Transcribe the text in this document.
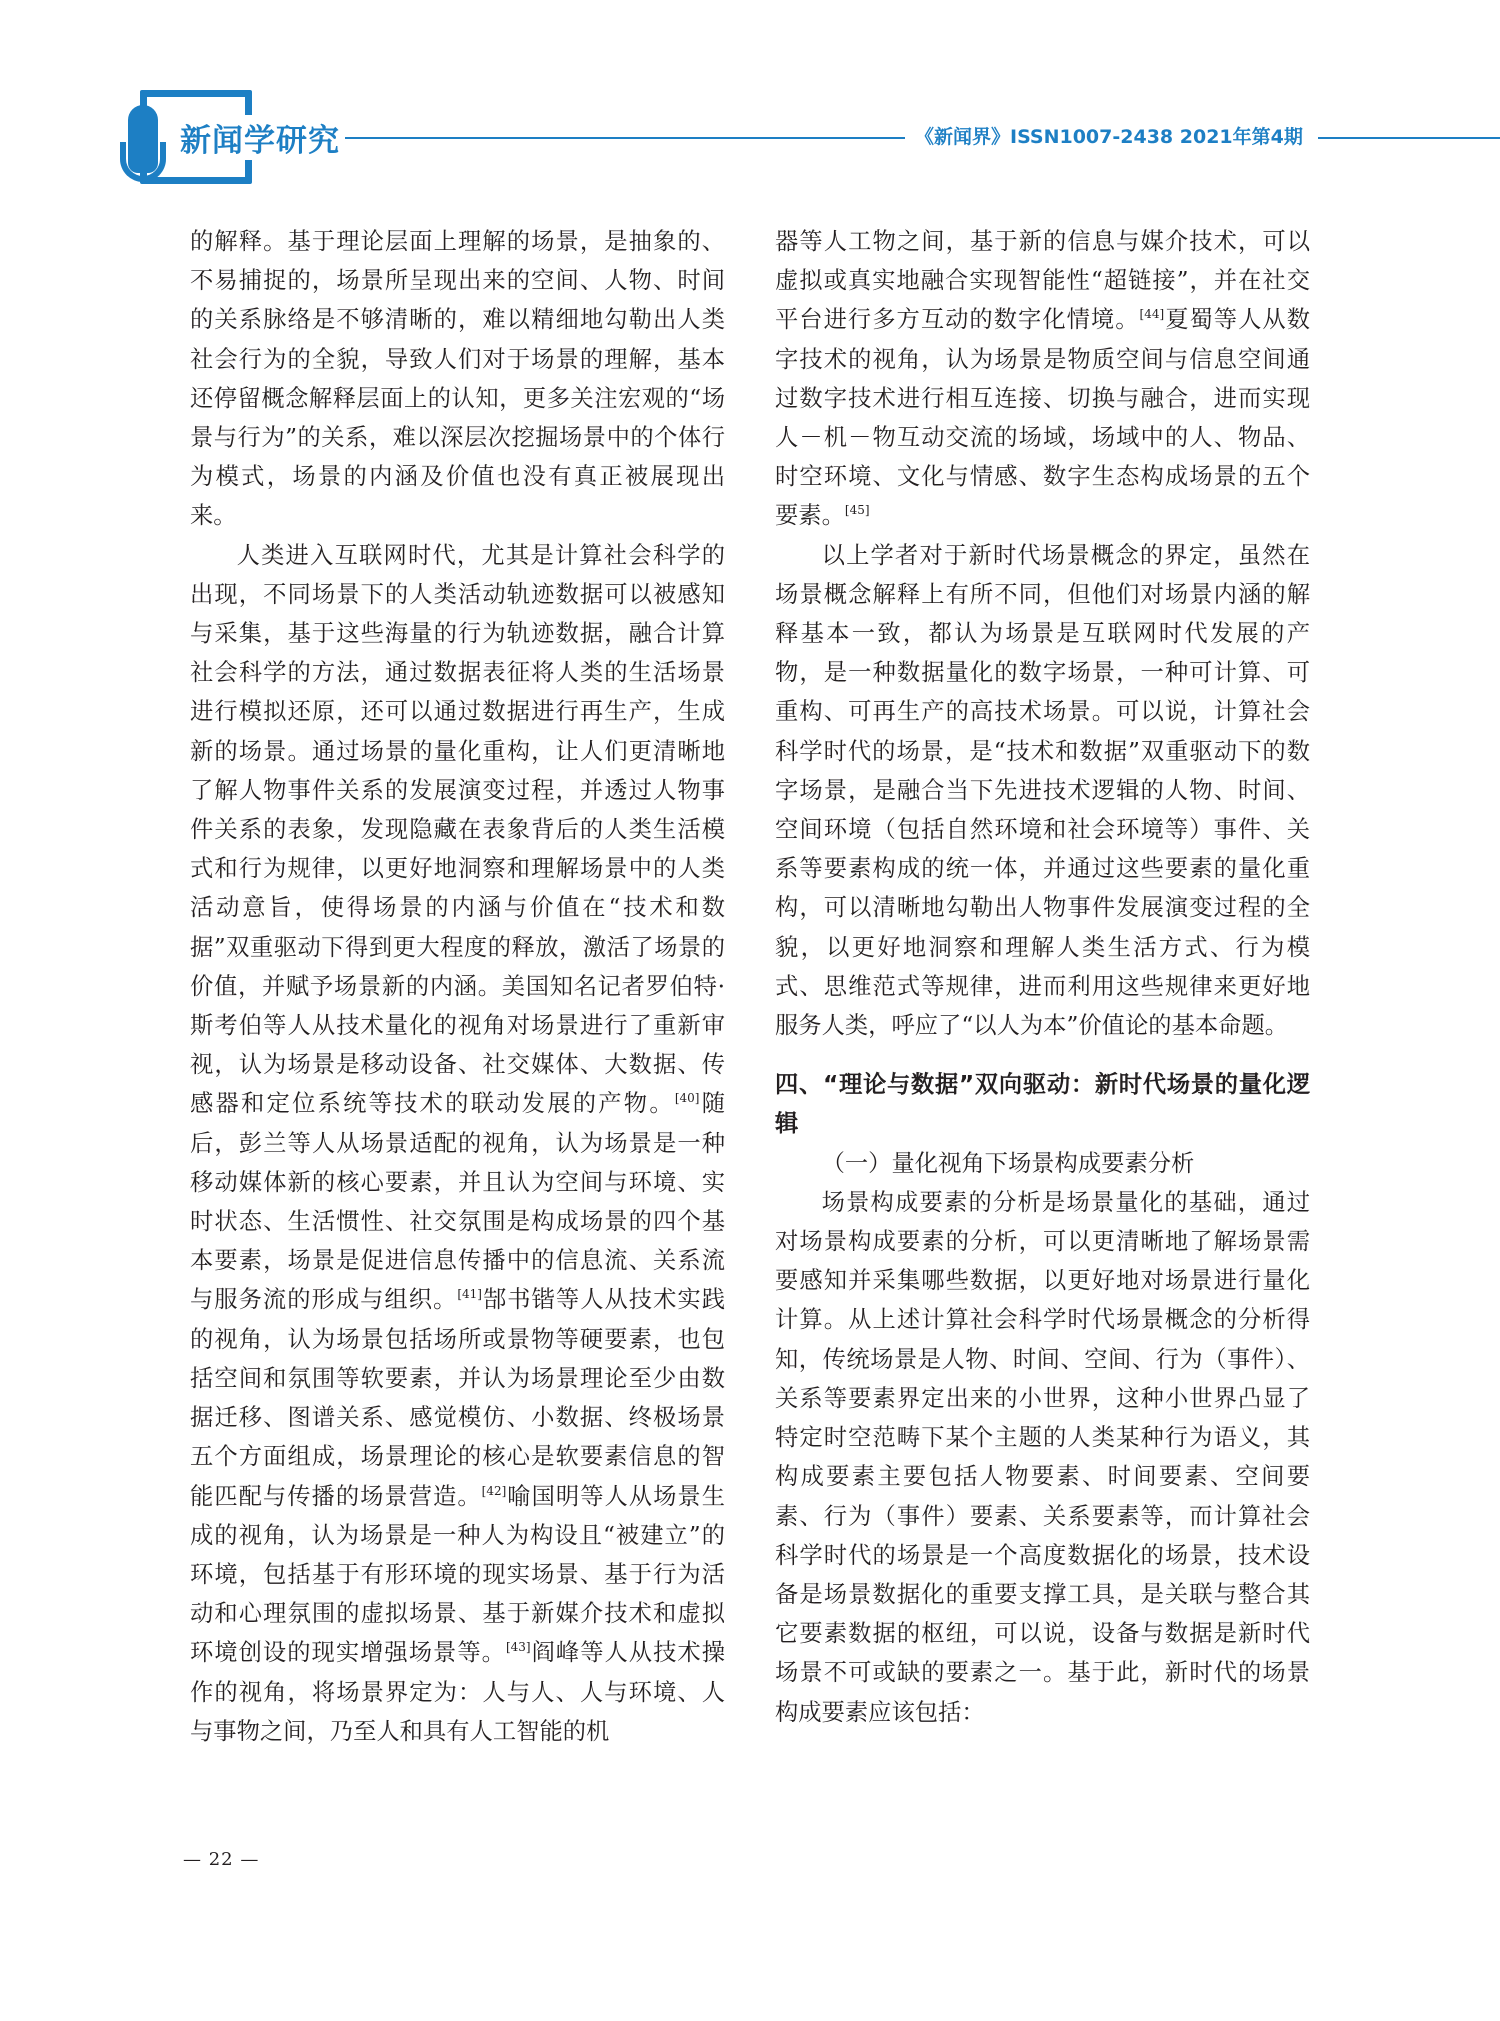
新闻学研究	《新闻界》ISSN1007-2438 2021年第4期

的解释。基于理论层面上理解的场景，是抽象的、不易捕捉的，场景所呈现出来的空间、人物、时间的关系脉络是不够清晰的，难以精细地勾勒出人类社会行为的全貌，导致人们对于场景的理解，基本还停留概念解释层面上的认知，更多关注宏观的“场景与行为”的关系，难以深层次挖掘场景中的个体行为模式，场景的内涵及价值也没有真正被展现出来。

人类进入互联网时代，尤其是计算社会科学的出现，不同场景下的人类活动轨迹数据可以被感知与采集，基于这些海量的行为轨迹数据，融合计算社会科学的方法，通过数据表征将人类的生活场景进行模拟还原，还可以通过数据进行再生产，生成新的场景。通过场景的量化重构，让人们更清晰地了解人物事件关系的发展演变过程，并透过人物事件关系的表象，发现隐藏在表象背后的人类生活模式和行为规律，以更好地洞察和理解场景中的人类活动意旨，使得场景的内涵与价值在“技术和数据”双重驱动下得到更大程度的释放，激活了场景的价值，并赋予场景新的内涵。美国知名记者罗伯特·斯考伯等人从技术量化的视角对场景进行了重新审视，认为场景是移动设备、社交媒体、大数据、传感器和定位系统等技术的联动发展的产物。[40]随后，彭兰等人从场景适配的视角，认为场景是一种移动媒体新的核心要素，并且认为空间与环境、实时状态、生活惯性、社交氛围是构成场景的四个基本要素，场景是促进信息传播中的信息流、关系流与服务流的形成与组织。[41]郜书锴等人从技术实践的视角，认为场景包括场所或景物等硬要素，也包括空间和氛围等软要素，并认为场景理论至少由数据迁移、图谱关系、感觉模仿、小数据、终极场景五个方面组成，场景理论的核心是软要素信息的智能匹配与传播的场景营造。[42]喻国明等人从场景生成的视角，认为场景是一种人为构设且“被建立”的环境，包括基于有形环境的现实场景、基于行为活动和心理氛围的虚拟场景、基于新媒介技术和虚拟环境创设的现实增强场景等。[43]阎峰等人从技术操作的视角，将场景界定为：人与人、人与环境、人与事物之间，乃至人和具有人工智能的机

器等人工物之间，基于新的信息与媒介技术，可以虚拟或真实地融合实现智能性“超链接”，并在社交平台进行多方互动的数字化情境。[44]夏蜀等人从数字技术的视角，认为场景是物质空间与信息空间通过数字技术进行相互连接、切换与融合，进而实现人－机－物互动交流的场域，场域中的人、物品、时空环境、文化与情感、数字生态构成场景的五个要素。[45]

以上学者对于新时代场景概念的界定，虽然在场景概念解释上有所不同，但他们对场景内涵的解释基本一致，都认为场景是互联网时代发展的产物，是一种数据量化的数字场景，一种可计算、可重构、可再生产的高技术场景。可以说，计算社会科学时代的场景，是“技术和数据”双重驱动下的数字场景，是融合当下先进技术逻辑的人物、时间、空间环境（包括自然环境和社会环境等）事件、关系等要素构成的统一体，并通过这些要素的量化重构，可以清晰地勾勒出人物事件发展演变过程的全貌，以更好地洞察和理解人类生活方式、行为模式、思维范式等规律，进而利用这些规律来更好地服务人类，呼应了“以人为本”价值论的基本命题。

四、“理论与数据”双向驱动：新时代场景的量化逻辑

（一）量化视角下场景构成要素分析

场景构成要素的分析是场景量化的基础，通过对场景构成要素的分析，可以更清晰地了解场景需要感知并采集哪些数据，以更好地对场景进行量化计算。从上述计算社会科学时代场景概念的分析得知，传统场景是人物、时间、空间、行为（事件）、关系等要素界定出来的小世界，这种小世界凸显了特定时空范畴下某个主题的人类某种行为语义，其构成要素主要包括人物要素、时间要素、空间要素、行为（事件）要素、关系要素等，而计算社会科学时代的场景是一个高度数据化的场景，技术设备是场景数据化的重要支撑工具，是关联与整合其它要素数据的枢纽，可以说，设备与数据是新时代场景不可或缺的要素之一。基于此，新时代的场景构成要素应该包括：

— 22 —
